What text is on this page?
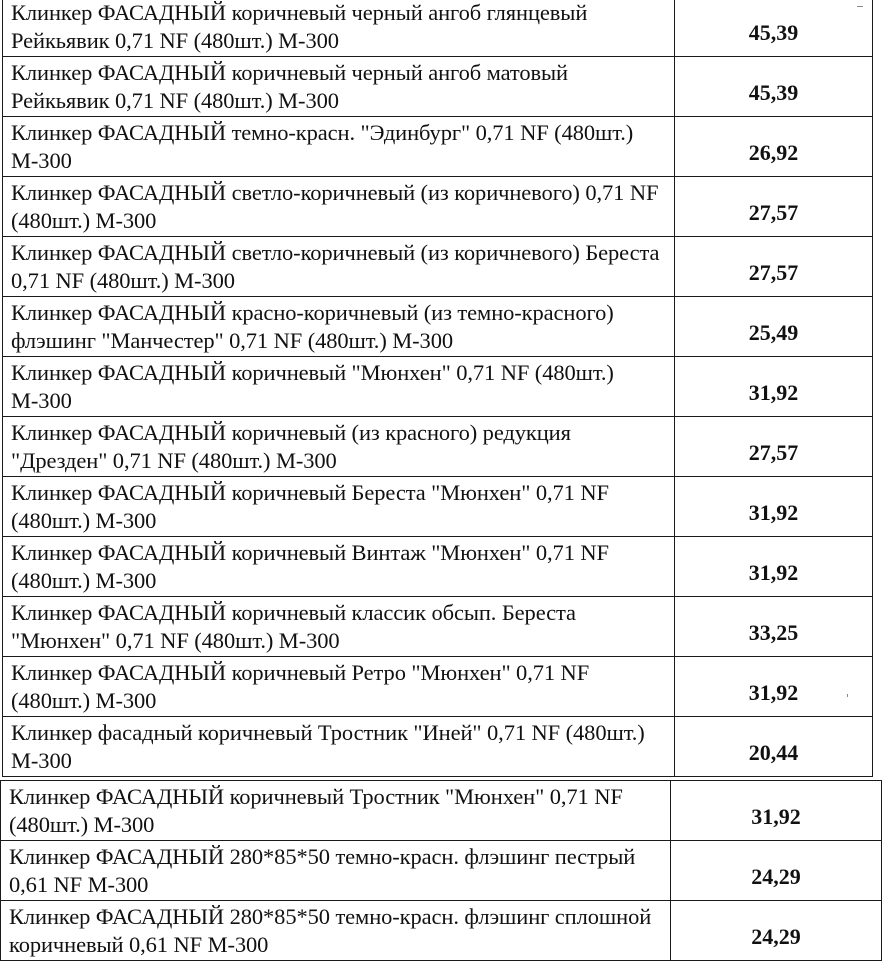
Клинкер ФАСАДНЫЙ коричневый черный ангоб глянцевый Рейкьявик 0,71 NF (480шт.) М-300	45,39
Клинкер ФАСАДНЫЙ коричневый черный ангоб матовый Рейкьявик 0,71 NF (480шт.) М-300	45,39
Клинкер ФАСАДНЫЙ темно-красн. "Эдинбург" 0,71 NF (480шт.) М-300	26,92
Клинкер ФАСАДНЫЙ светло-коричневый (из коричневого) 0,71 NF (480шт.) М-300	27,57
Клинкер ФАСАДНЫЙ светло-коричневый (из коричневого) Береста 0,71 NF (480шт.) М-300	27,57
Клинкер ФАСАДНЫЙ красно-коричневый (из темно-красного) флэшинг "Манчестер" 0,71 NF (480шт.) М-300	25,49
Клинкер ФАСАДНЫЙ коричневый "Мюнхен" 0,71 NF (480шт.) М-300	31,92
Клинкер ФАСАДНЫЙ коричневый (из красного) редукция "Дрезден" 0,71 NF (480шт.) М-300	27,57
Клинкер ФАСАДНЫЙ коричневый Береста "Мюнхен" 0,71 NF (480шт.) М-300	31,92
Клинкер ФАСАДНЫЙ коричневый Винтаж "Мюнхен" 0,71 NF (480шт.) М-300	31,92
Клинкер ФАСАДНЫЙ коричневый классик обсып. Береста "Мюнхен" 0,71 NF (480шт.) М-300	33,25
Клинкер ФАСАДНЫЙ коричневый Ретро "Мюнхен" 0,71 NF (480шт.) М-300	31,92
Клинкер фасадный коричневый Тростник "Иней" 0,71 NF (480шт.) М-300	20,44
Клинкер ФАСАДНЫЙ коричневый Тростник "Мюнхен" 0,71 NF (480шт.) М-300	31,92
Клинкер ФАСАДНЫЙ 280*85*50 темно-красн. флэшинг пестрый 0,61 NF М-300	24,29
Клинкер ФАСАДНЫЙ 280*85*50 темно-красн. флэшинг сплошной коричневый 0,61 NF М-300	24,29
